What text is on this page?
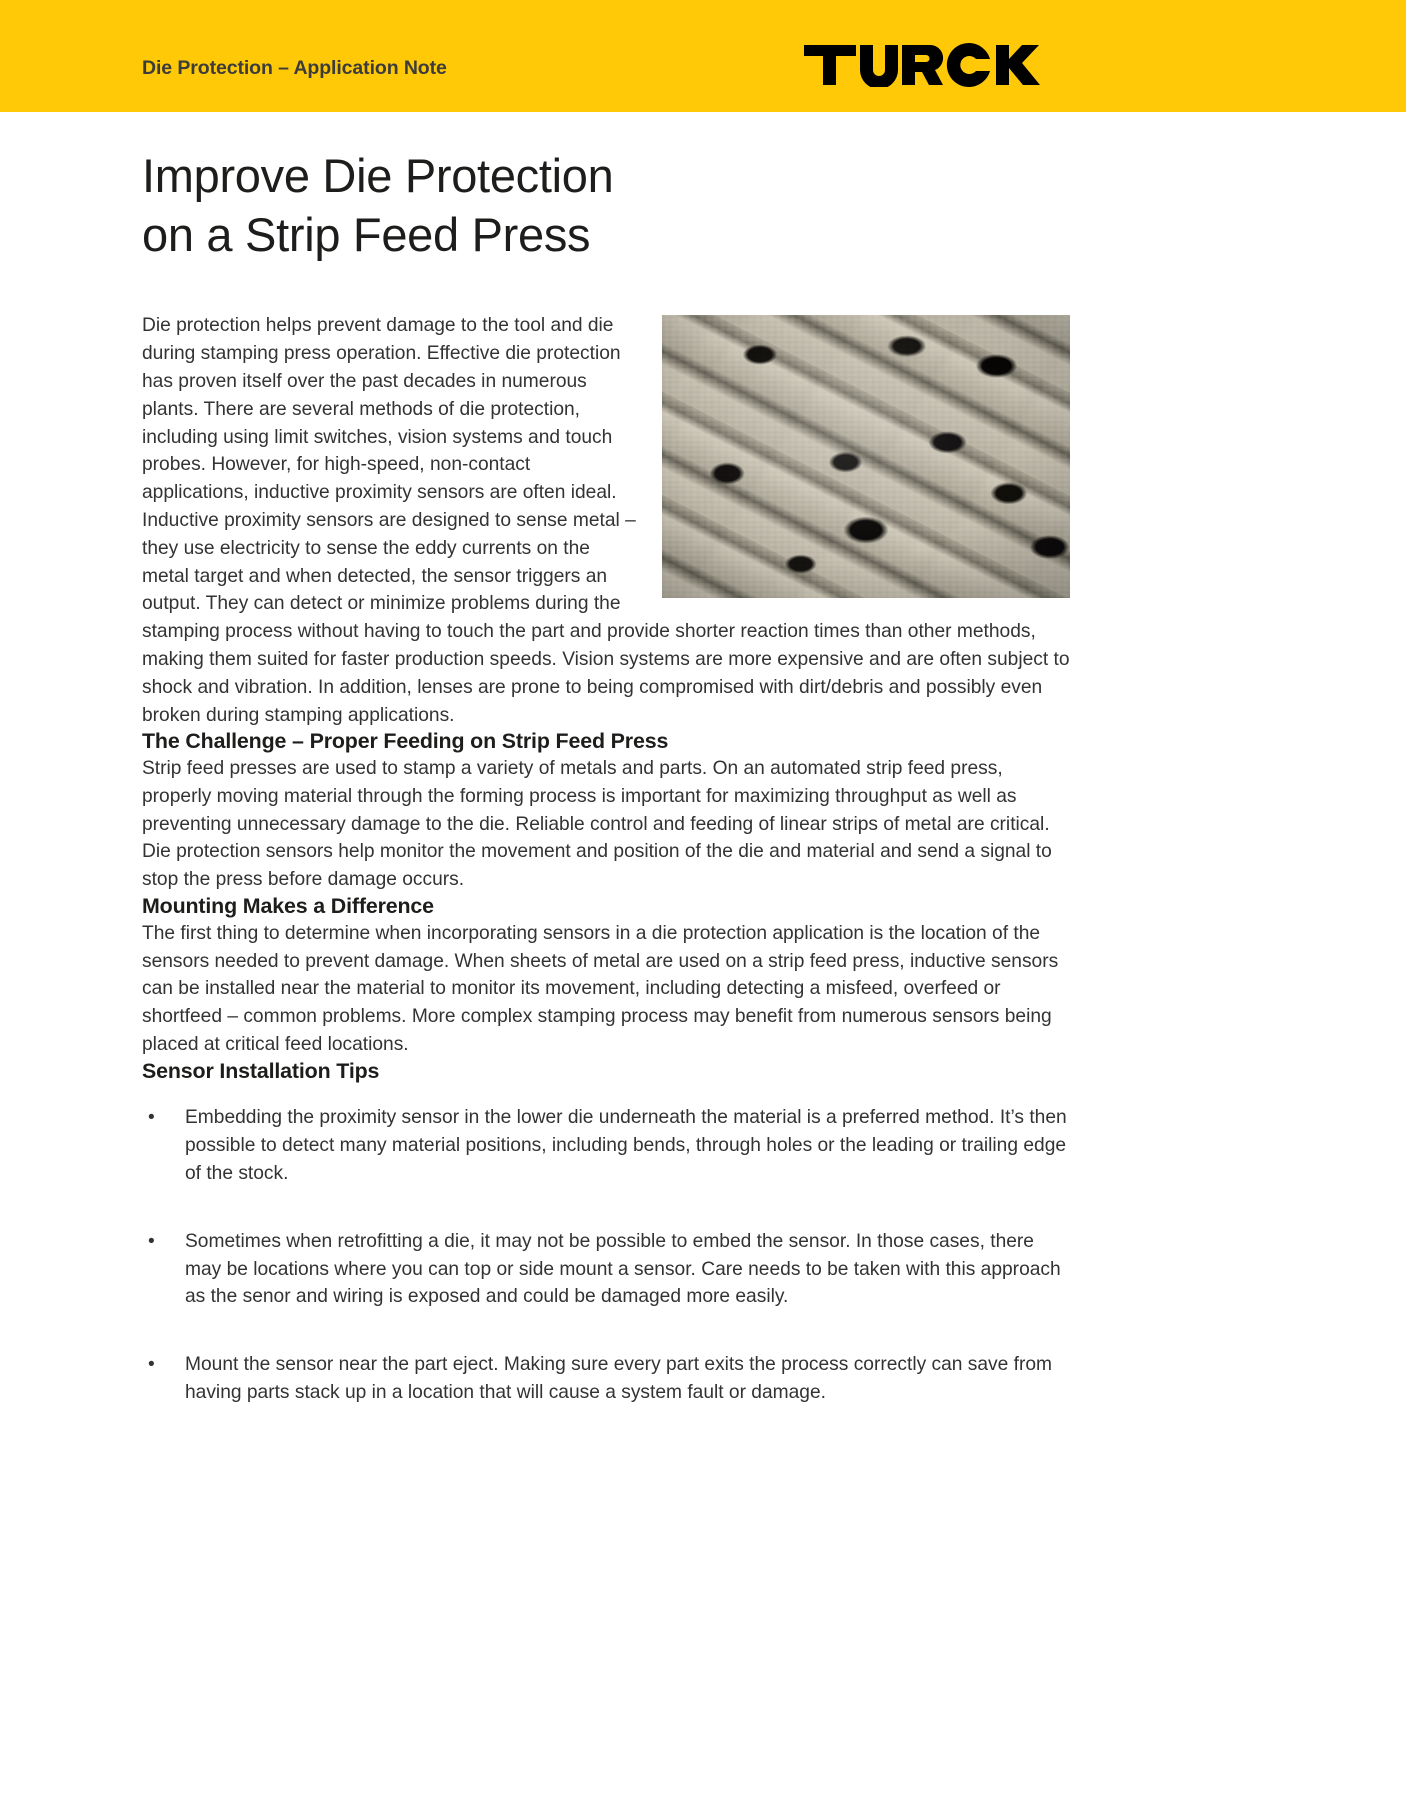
Die Protection – Application Note
Improve Die Protection
on a Strip Feed Press

Die protection helps prevent damage to the tool and die during stamping press operation. Effective die protection has proven itself over the past decades in numerous plants. There are several methods of die protection, including using limit switches, vision systems and touch probes. However, for high-speed, non-contact applications, inductive proximity sensors are often ideal. Inductive proximity sensors are designed to sense metal – they use electricity to sense the eddy currents on the metal target and when detected, the sensor triggers an output. They can detect or minimize problems during the stamping process without having to touch the part and provide shorter reaction times than other methods, making them suited for faster production speeds. Vision systems are more expensive and are often subject to shock and vibration. In addition, lenses are prone to being compromised with dirt/debris and possibly even broken during stamping applications.

The Challenge – Proper Feeding on Strip Feed Press

Strip feed presses are used to stamp a variety of metals and parts. On an automated strip feed press, properly moving material through the forming process is important for maximizing throughput as well as preventing unnecessary damage to the die. Reliable control and feeding of linear strips of metal are critical. Die protection sensors help monitor the movement and position of the die and material and send a signal to stop the press before damage occurs.

Mounting Makes a Difference

The first thing to determine when incorporating sensors in a die protection application is the location of the sensors needed to prevent damage. When sheets of metal are used on a strip feed press, inductive sensors can be installed near the material to monitor its movement, including detecting a misfeed, overfeed or shortfeed – common problems. More complex stamping process may benefit from numerous sensors being placed at critical feed locations.

Sensor Installation Tips
• Embedding the proximity sensor in the lower die underneath the material is a preferred method. It’s then possible to detect many material positions, including bends, through holes or the leading or trailing edge of the stock.
• Sometimes when retrofitting a die, it may not be possible to embed the sensor. In those cases, there may be locations where you can top or side mount a sensor. Care needs to be taken with this approach as the senor and wiring is exposed and could be damaged more easily.
• Mount the sensor near the part eject. Making sure every part exits the process correctly can save from having parts stack up in a location that will cause a system fault or damage.
